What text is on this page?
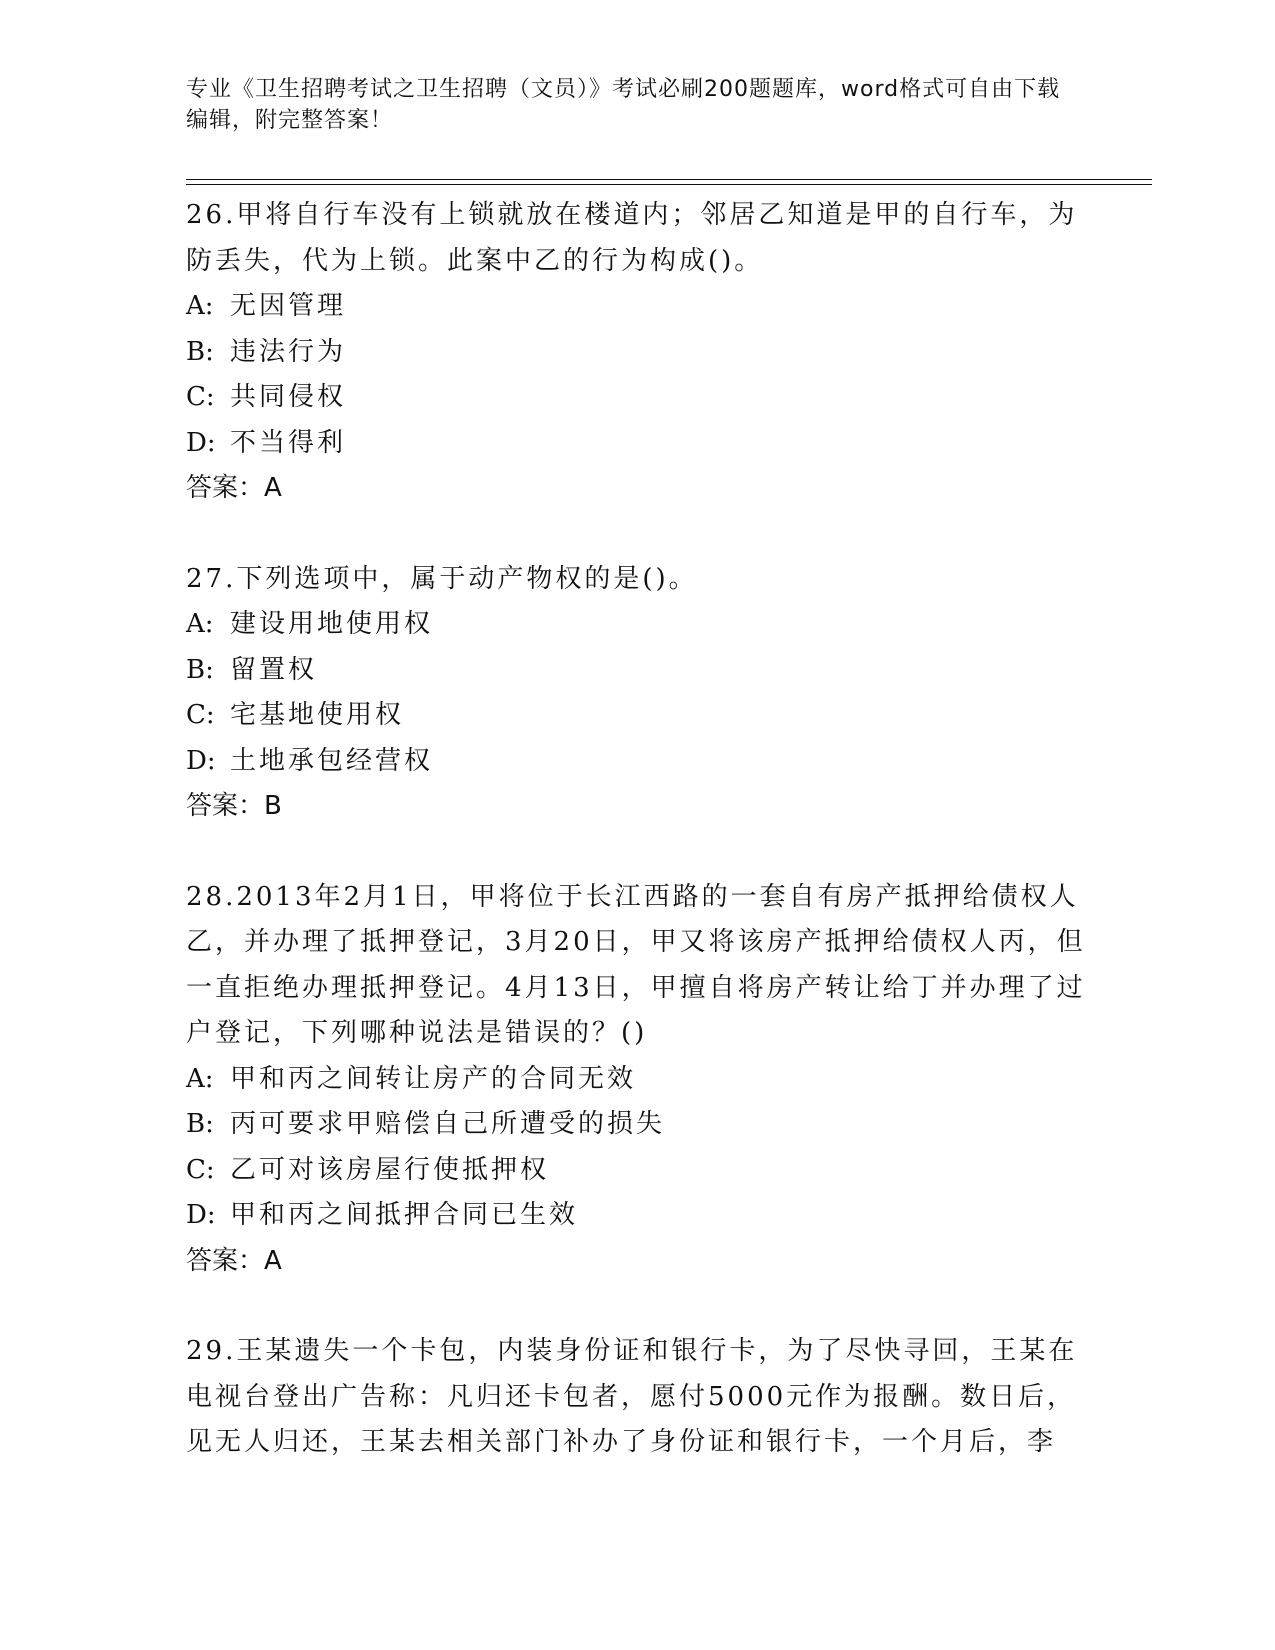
专业《卫生招聘考试之卫生招聘（文员）》考试必刷200题题库，word格式可自由下载编辑，附完整答案！

26.甲将自行车没有上锁就放在楼道内；邻居乙知道是甲的自行车，为防丢失，代为上锁。此案中乙的行为构成()。

A: 无因管理
B: 违法行为
C: 共同侵权
D: 不当得利

答案：A

27.下列选项中，属于动产物权的是()。

A: 建设用地使用权
B: 留置权
C: 宅基地使用权
D: 土地承包经营权

答案：B

28.2013年2月1日，甲将位于长江西路的一套自有房产抵押给债权人乙，并办理了抵押登记，3月20日，甲又将该房产抵押给债权人丙，但一直拒绝办理抵押登记。4月13日，甲擅自将房产转让给丁并办理了过户登记，下列哪种说法是错误的？()

A: 甲和丙之间转让房产的合同无效
B: 丙可要求甲赔偿自己所遭受的损失
C: 乙可对该房屋行使抵押权
D: 甲和丙之间抵押合同已生效

答案：A

29.王某遗失一个卡包，内装身份证和银行卡，为了尽快寻回，王某在电视台登出广告称：凡归还卡包者，愿付5000元作为报酬。数日后，见无人归还，王某去相关部门补办了身份证和银行卡，一个月后，李
